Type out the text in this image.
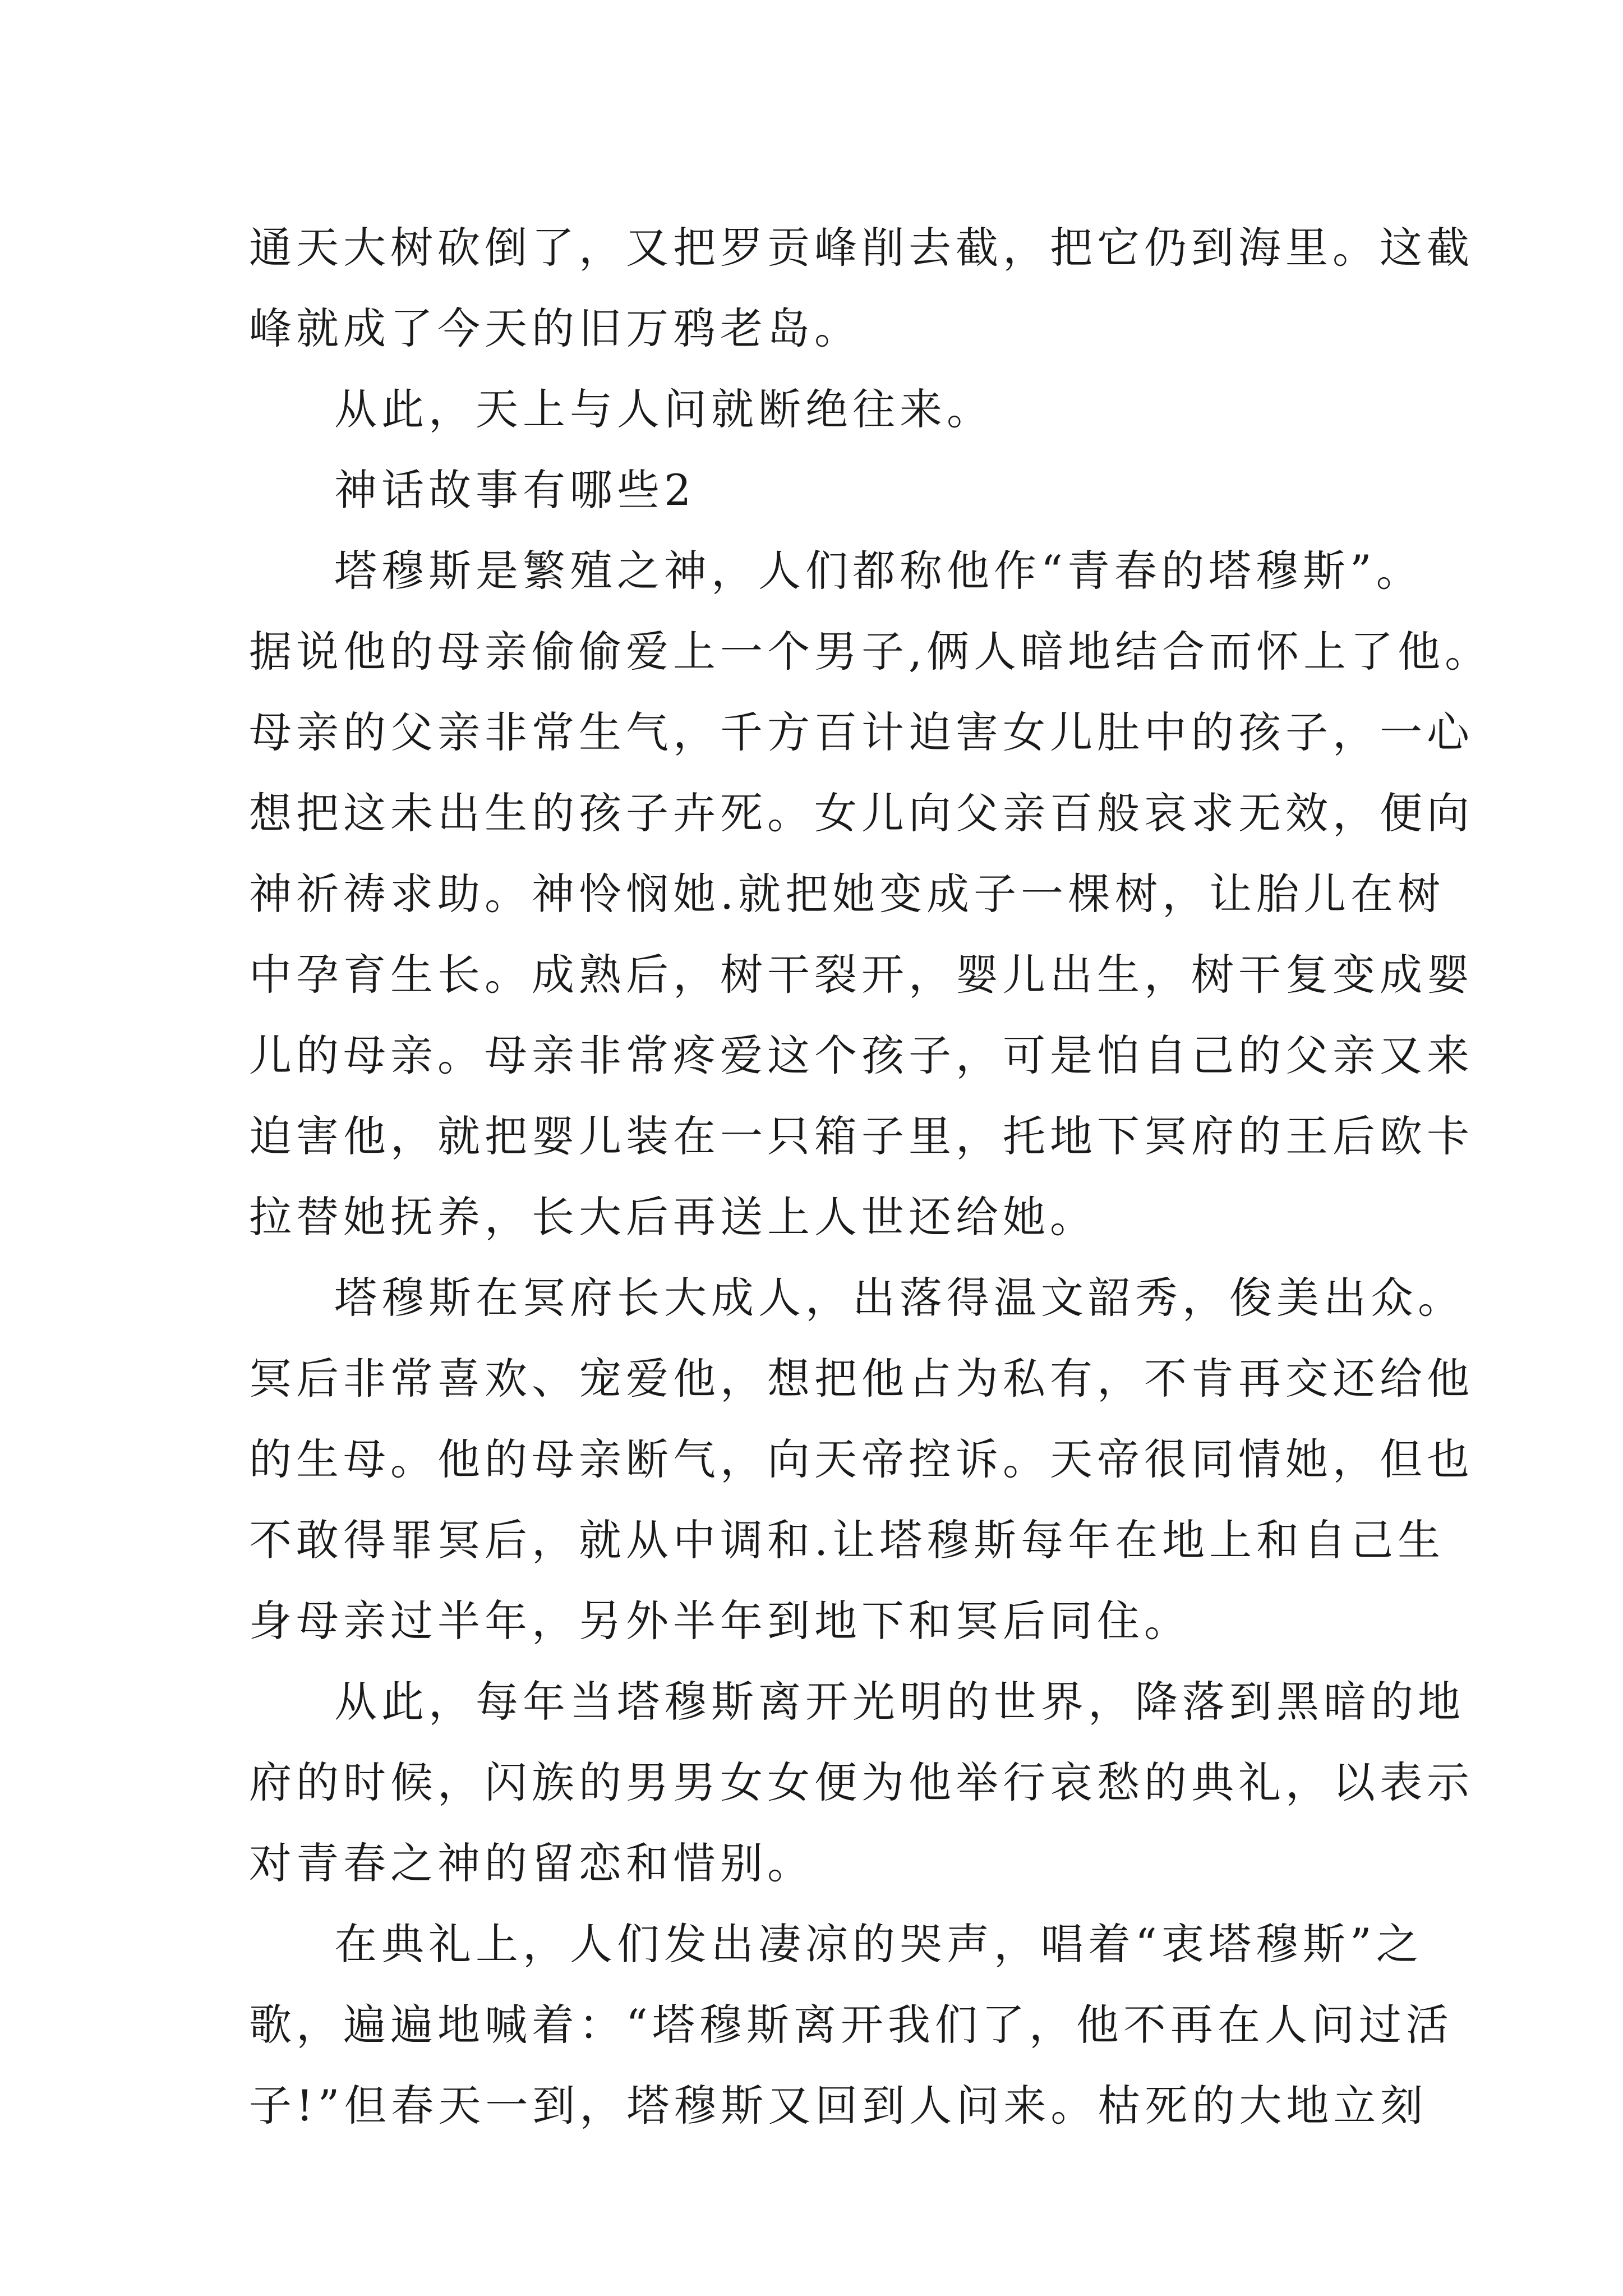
通天大树砍倒了，又把罗贡峰削去截，把它仍到海里。这截
峰就成了今天的旧万鸦老岛。
从此，天上与人问就断绝往来。
神话故事有哪些2
塔穆斯是繁殖之神，人们都称他作“青春的塔穆斯”。
据说他的母亲偷偷爱上一个男子,俩人暗地结合而怀上了他。
母亲的父亲非常生气，千方百计迫害女儿肚中的孩子，一心
想把这未出生的孩子卉死。女儿向父亲百般哀求无效，便向
神祈祷求助。神怜悯她.就把她变成子一棵树，让胎儿在树
中孕育生长。成熟后，树干裂开，婴儿出生，树干复变成婴
儿的母亲。母亲非常疼爱这个孩子，可是怕自己的父亲又来
迫害他，就把婴儿装在一只箱子里，托地下冥府的王后欧卡
拉替她抚养，长大后再送上人世还给她。
塔穆斯在冥府长大成人，出落得温文韶秀，俊美出众。
冥后非常喜欢、宠爱他，想把他占为私有，不肯再交还给他
的生母。他的母亲断气，向天帝控诉。天帝很同情她，但也
不敢得罪冥后，就从中调和.让塔穆斯每年在地上和自己生
身母亲过半年，另外半年到地下和冥后同住。
从此，每年当塔穆斯离开光明的世界，降落到黑暗的地
府的时候，闪族的男男女女便为他举行哀愁的典礼，以表示
对青春之神的留恋和惜别。
在典礼上，人们发出凄凉的哭声，唱着“衷塔穆斯”之
歌，遍遍地喊着：“塔穆斯离开我们了，他不再在人问过活
子!”但春天一到，塔穆斯又回到人问来。枯死的大地立刻
